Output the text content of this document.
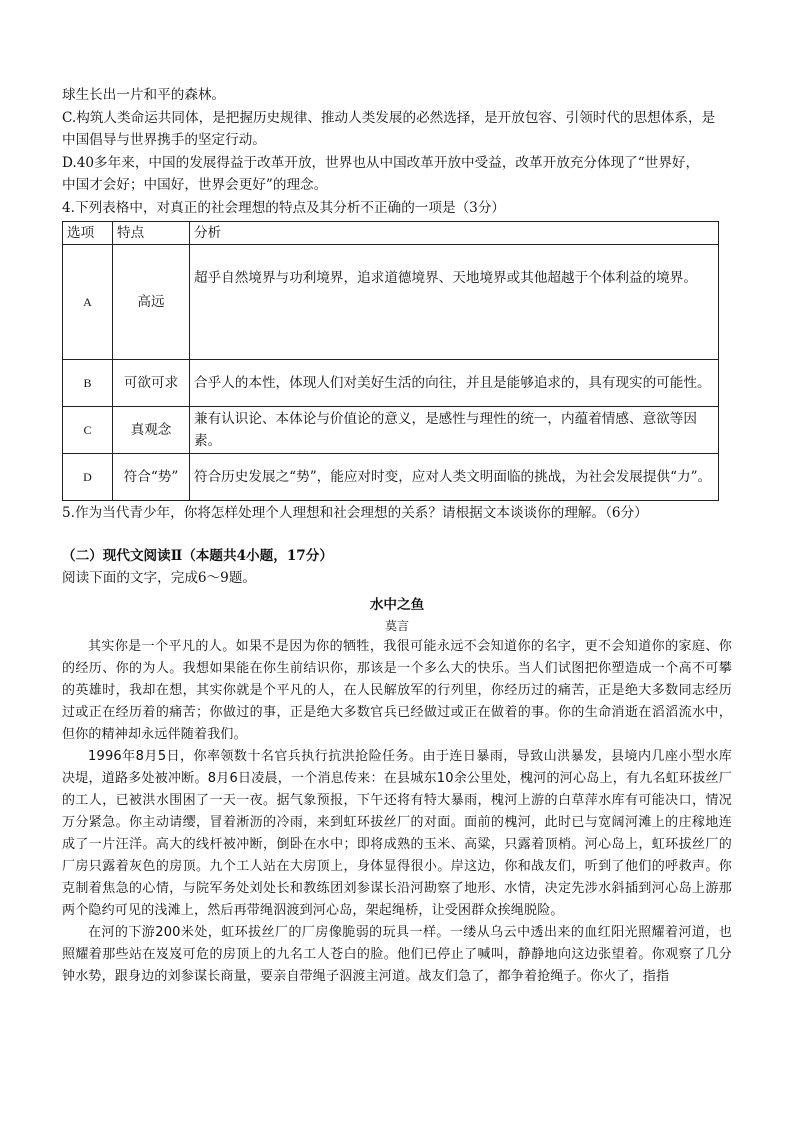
球生长出一片和平的森林。

C.构筑人类命运共同体，是把握历史规律、推动人类发展的必然选择，是开放包容、引领时代的思想体系，是

中国倡导与世界携手的坚定行动。

D.40多年来，中国的发展得益于改革开放，世界也从中国改革开放中受益，改革开放充分体现了“世界好，

中国才会好；中国好，世界会更好”的理念。

4.下列表格中，对真正的社会理想的特点及其分析不正确的一项是（3分）

选项	特点	分析
A	高远	超乎自然境界与功利境界，追求道德境界、天地境界或其他超越于个体利益的境界。
B	可欲可求	合乎人的本性，体现人们对美好生活的向往，并且是能够追求的，具有现实的可能性。
C	真观念	兼有认识论、本体论与价值论的意义，是感性与理性的统一，内蕴着情感、意欲等因素。
D	符合“势”	符合历史发展之“势”，能应对时变，应对人类文明面临的挑战，为社会发展提供“力”。

5.作为当代青少年，你将怎样处理个人理想和社会理想的关系？请根据文本谈谈你的理解。（6分）

（二）现代文阅读Ⅱ（本题共4小题，17分）

阅读下面的文字，完成6～9题。

水中之鱼
莫言

其实你是一个平凡的人。如果不是因为你的牺牲，我很可能永远不会知道你的名字，更不会知道你的家庭、你的经历、你的为人。我想如果能在你生前结识你，那该是一个多么大的快乐。当人们试图把你塑造成一个高不可攀的英雄时，我却在想，其实你就是个平凡的人，在人民解放军的行列里，你经历过的痛苦，正是绝大多数同志经历过或正在经历着的痛苦；你做过的事，正是绝大多数官兵已经做过或正在做着的事。你的生命消逝在滔滔流水中，但你的精神却永远伴随着我们。

1996年8月5日，你率领数十名官兵执行抗洪抢险任务。由于连日暴雨，导致山洪暴发，县境内几座小型水库决堤，道路多处被冲断。8月6日凌晨，一个消息传来：在县城东10余公里处，槐河的河心岛上，有九名虹环拔丝厂的工人，已被洪水围困了一天一夜。据气象预报，下午还将有特大暴雨，槐河上游的白草萍水库有可能决口，情况万分紧急。你主动请缨，冒着淅沥的冷雨，来到虹环拔丝厂的对面。面前的槐河，此时已与宽阔河滩上的庄稼地连成了一片汪洋。高大的线杆被冲断，倒卧在水中；即将成熟的玉米、高粱，只露着顶梢。河心岛上，虹环拔丝厂的厂房只露着灰色的房顶。九个工人站在大房顶上，身体显得很小。岸这边，你和战友们，听到了他们的呼救声。你克制着焦急的心情，与院军务处刘处长和教练团刘参谋长沿河勘察了地形、水情，决定先涉水斜插到河心岛上游那两个隐约可见的浅滩上，然后再带绳泅渡到河心岛，架起绳桥，让受困群众挨绳脱险。

在河的下游200米处，虹环拔丝厂的厂房像脆弱的玩具一样。一缕从乌云中透出来的血红阳光照耀着河道，也照耀着那些站在岌岌可危的房顶上的九名工人苍白的脸。他们已停止了喊叫，静静地向这边张望着。你观察了几分钟水势，跟身边的刘参谋长商量，要亲自带绳子泅渡主河道。战友们急了，都争着抢绳子。你火了，指指
